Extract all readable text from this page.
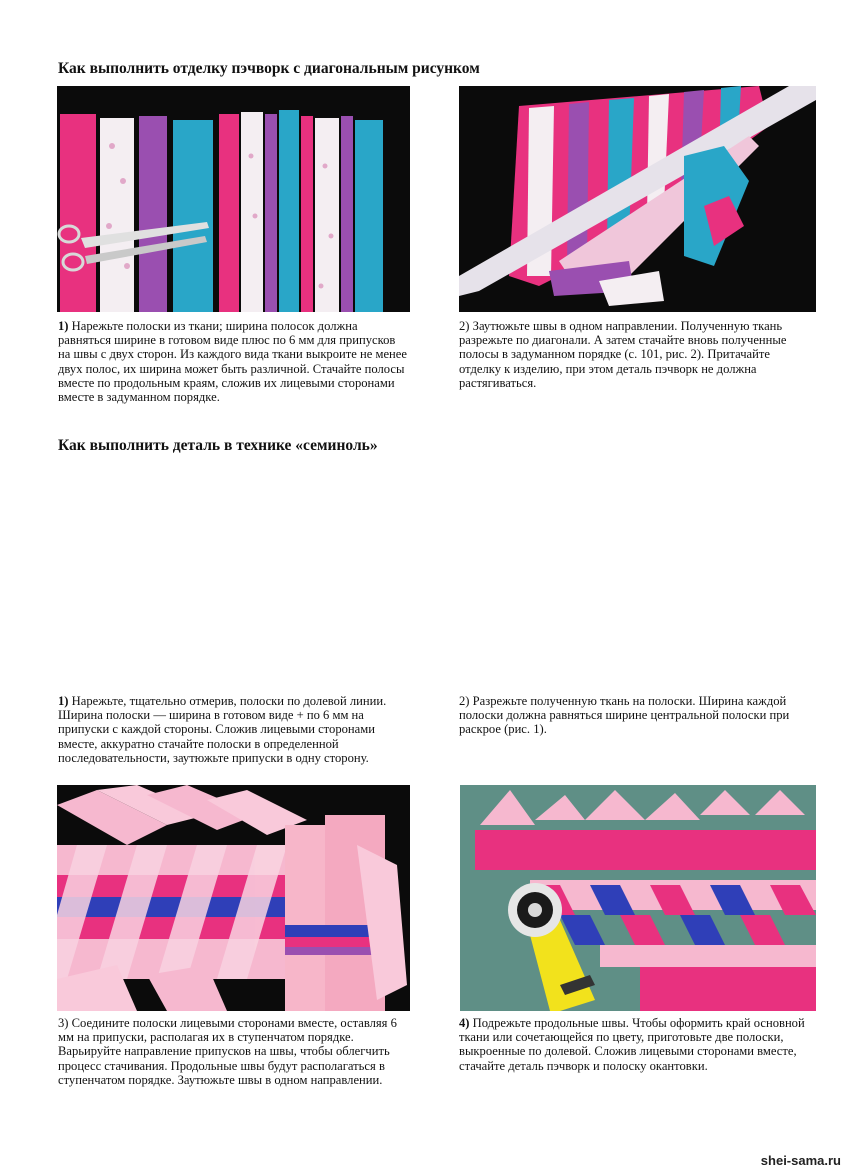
Как выполнить отделку пэчворк с диагональным рисунком

1) Нарежьте полоски из ткани; ширина полосок должна равняться ширине в готовом виде плюс по 6 мм для припусков на швы с двух сторон. Из каждого вида ткани выкроите не менее двух полос, их ширина может быть различной. Стачайте полосы вместе по продольным краям, сложив их лицевыми сторонами вместе в задуманном порядке.

2) Заутюжьте швы в одном направлении. Полученную ткань разрежьте по диагонали. А затем стачайте вновь полученные полосы в задуманном порядке (с. 101, рис. 2). Притачайте отделку к изделию, при этом деталь пэчворк не должна растягиваться.

Как выполнить деталь в технике «семиноль»

1) Нарежьте, тщательно отмерив, полоски по долевой линии. Ширина полоски — ширина в готовом виде + по 6 мм на припуски с каждой стороны. Сложив лицевыми сторонами вместе, аккуратно стачайте полоски в определенной последовательности, заутюжьте припуски в одну сторону.

2) Разрежьте полученную ткань на полоски. Ширина каждой полоски должна равняться ширине центральной полоски при раскрое (рис. 1).

3) Соедините полоски лицевыми сторонами вместе, оставляя 6 мм на припуски, располагая их в ступенчатом порядке. Варьируйте направление припусков на швы, чтобы облегчить процесс стачивания. Продольные швы будут располагаться в ступенчатом порядке. Заутюжьте швы в одном направлении.

4) Подрежьте продольные швы. Чтобы оформить край основной ткани или сочетающейся по цвету, приготовьте две полоски, выкроенные по долевой. Сложив лицевыми сторонами вместе, стачайте деталь пэчворк и полоску окантовки.

shei-sama.ru
